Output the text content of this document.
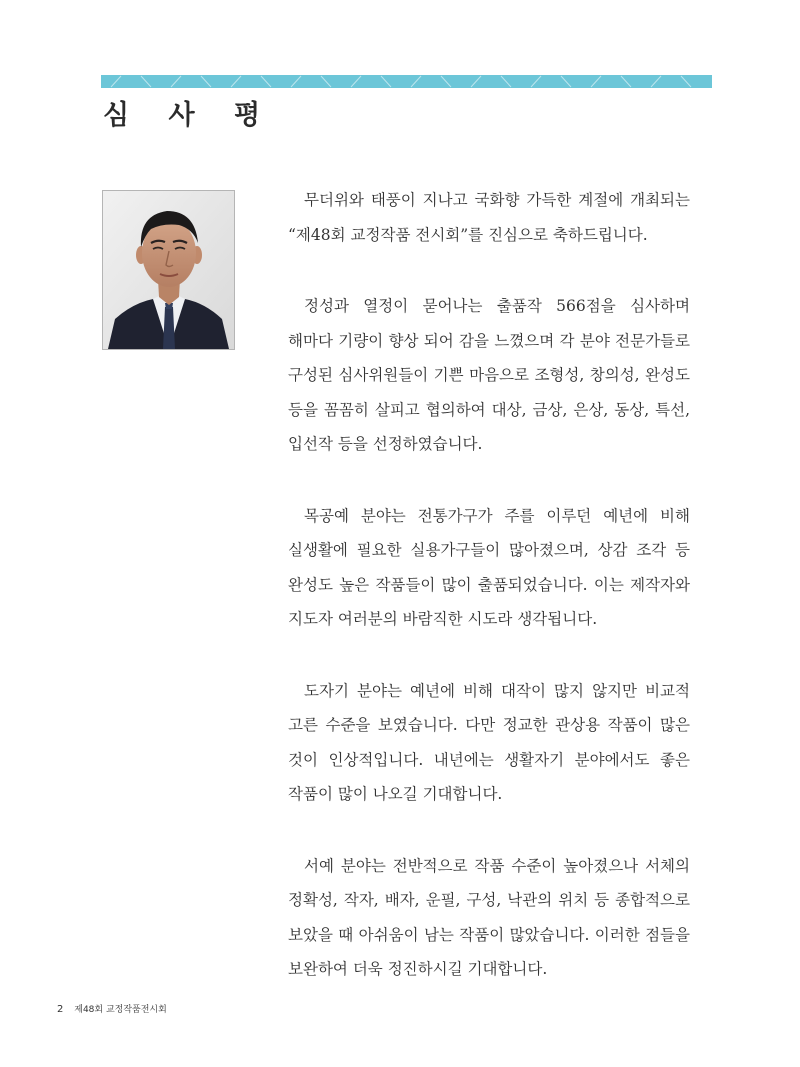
심 사 평

무더위와 태풍이 지나고 국화향 가득한 계절에 개최되는 “제48회 교정작품 전시회”를 진심으로 축하드립니다.

정성과 열정이 묻어나는 출품작 566점을 심사하며 해마다 기량이 향상 되어 감을 느꼈으며 각 분야 전문가들로 구성된 심사위원들이 기쁜 마음으로 조형성, 창의성, 완성도 등을 꼼꼼히 살피고 협의하여 대상, 금상, 은상, 동상, 특선, 입선작 등을 선정하였습니다.

목공예 분야는 전통가구가 주를 이루던 예년에 비해 실생활에 필요한 실용가구들이 많아졌으며, 상감 조각 등 완성도 높은 작품들이 많이 출품되었습니다. 이는 제작자와 지도자 여러분의 바람직한 시도라 생각됩니다.

도자기 분야는 예년에 비해 대작이 많지 않지만 비교적 고른 수준을 보였습니다. 다만 정교한 관상용 작품이 많은 것이 인상적입니다. 내년에는 생활자기 분야에서도 좋은 작품이 많이 나오길 기대합니다.

서예 분야는 전반적으로 작품 수준이 높아졌으나 서체의 정확성, 작자, 배자, 운필, 구성, 낙관의 위치 등 종합적으로 보았을 때 아쉬움이 남는 작품이 많았습니다. 이러한 점들을 보완하여 더욱 정진하시길 기대합니다.

2 제48회 교정작품전시회
